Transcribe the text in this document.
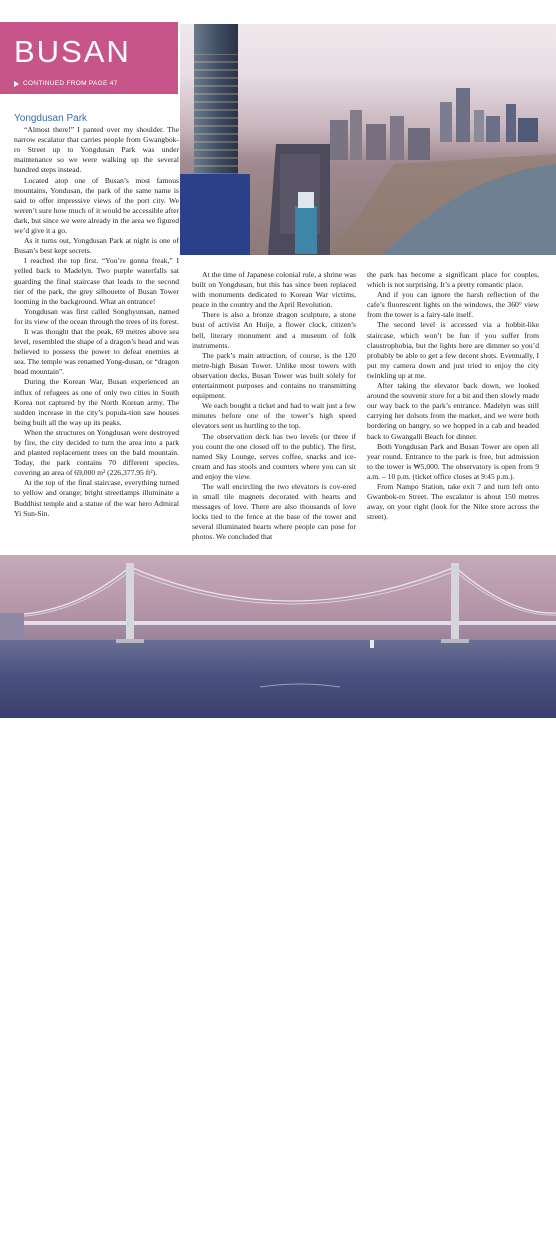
BUSAN
CONTINUED FROM PAGE 47
Yongdusan Park

“Almost there!” I panted over my shoulder. The narrow escalator that carries people from Gwangbok-ro Street up to Yongdusan Park was under maintenance so we were walking up the several hundred steps instead.

Located atop one of Busan’s most famous mountains, Yondusan, the park of the same name is said to offer impressive views of the port city. We weren’t sure how much of it would be accessible after dark, but since we were already in the area we figured we’d give it a go.

As it turns out, Yongdusan Park at night is one of Busan’s best kept secrets.

I reached the top first. “You’re gonna freak,” I yelled back to Madelyn. Two purple waterfalls sat guarding the final staircase that leads to the second tier of the park, the grey silhouette of Busan Tower looming in the background. What an entrance!

Yongdusan was first called Songhyunsan, named for its view of the ocean through the trees of its forest.

It was thought that the peak, 69 metres above sea level, resembled the shape of a dragon’s head and was believed to possess the power to defeat enemies at sea. The temple was renamed Yong-dusan, or “dragon head mountain”.

During the Korean War, Busan experienced an influx of refugees as one of only two cities in South Korea not captured by the North Korean army. The sudden increase in the city’s popula-tion saw houses being built all the way up its peaks.

When the structures on Yongdusan were destroyed by fire, the city decided to turn the area into a park and planted replacement trees on the bald mountain. Today, the park contains 70 different species, covering an area of 69,000 m² (226,377.95 ft²).

At the top of the final staircase, everything turned to yellow and orange; bright streetlamps illuminate a Buddhist temple and a statue of the war hero Admiral Yi Sun-Sin.

At the time of Japanese colonial rule, a shrine was built on Yongdusan, but this has since been replaced with monuments dedicated to Korean War victims, peace in the country and the April Revolution.

There is also a bronze dragon sculpture, a stone bust of activist An Huije, a flower clock, citizen’s bell, literary monument and a museum of folk instruments.

The park’s main attraction, of course, is the 120 metre-high Busan Tower. Unlike most towers with observation decks, Busan Tower was built solely for entertainment purposes and contains no transmitting equipment.

We each bought a ticket and had to wait just a few minutes before one of the tower’s high speed elevators sent us hurtling to the top.

The observation deck has two levels (or three if you count the one closed off to the public). The first, named Sky Lounge, serves coffee, snacks and ice-cream and has stools and counters where you can sit and enjoy the view.

The wall encircling the two elevators is cov-ered in small tile magnets decorated with hearts and messages of love. There are also thousands of love locks tied to the fence at the base of the tower and several illuminated hearts where people can pose for photos. We concluded that

the park has become a significant place for couples, which is not surprising. It’s a pretty romantic place.

And if you can ignore the harsh reflection of the cafe’s fluorescent lights on the windows, the 360° view from the tower is a fairy-tale itself.

The second level is accessed via a hobbit-like staircase, which won’t be fun if you suffer from claustrophobia, but the lights here are dimmer so you’d probably be able to get a few decent shots. Eventually, I put my camera down and just tried to enjoy the city twinkling up at me.

After taking the elevator back down, we looked around the souvenir store for a bit and then slowly made our way back to the park’s entrance. Madelyn was still carrying her dolsots from the market, and we were both bordering on hangry, so we hopped in a cab and headed back to Gwangalli Beach for dinner.

Both Yongdusan Park and Busan Tower are open all year round. Entrance to the park is free, but admission to the tower is ₩5,000. The observatory is open from 9 a.m. – 10 p.m. (ticket office closes at 9:45 p.m.).

From Nampo Station, take exit 7 and turn left onto Gwanbok-ro Street. The escalator is about 150 metres away, on your right (look for the Nike store across the street).

48 Destination Paradise 2018-19
